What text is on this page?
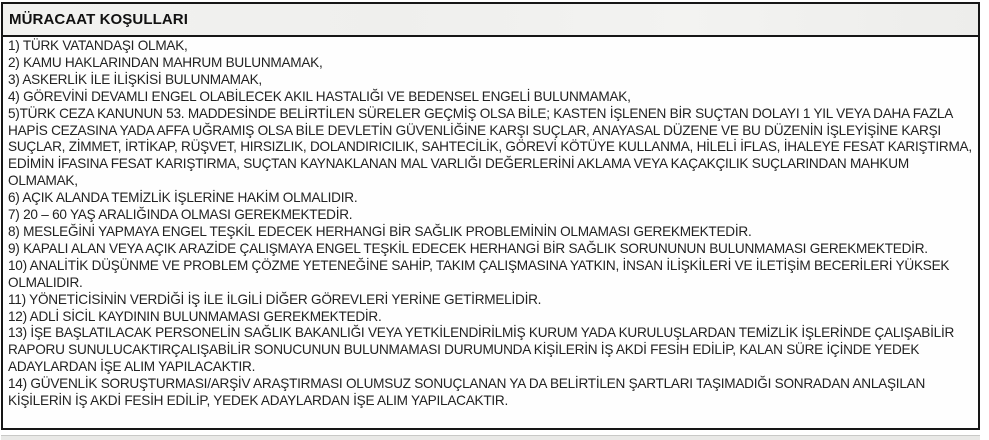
MÜRACAAT KOŞULLARI
1) TÜRK VATANDAŞI OLMAK,
2) KAMU HAKLARINDAN MAHRUM BULUNMAMAK,
3) ASKERLİK İLE İLİŞKİSİ BULUNMAMAK,
4) GÖREVİNİ DEVAMLI ENGEL OLABİLECEK AKIL HASTALIĞI VE BEDENSEL ENGELİ BULUNMAMAK,
5)TÜRK CEZA KANUNUN 53. MADDESİNDE BELİRTİLEN SÜRELER GEÇMİŞ OLSA BİLE; KASTEN İŞLENEN BİR SUÇTAN DOLAYI 1 YIL VEYA DAHA FAZLA HAPİS CEZASINA YADA AFFA UĞRAMIŞ OLSA BİLE DEVLETİN GÜVENLİĞİNE KARŞI SUÇLAR, ANAYASAL DÜZENE VE BU DÜZENİN İŞLEYİŞİNE KARŞI SUÇLAR, ZİMMET, İRTİKAP, RÜŞVET, HIRSIZLIK, DOLANDIRICILIK, SAHTECİLİK, GÖREVİ KÖTÜYE KULLANMA, HİLELİ İFLAS, İHALEYE FESAT KARIŞTIRMA, EDİMİN İFASINA FESAT KARIŞTIRMA, SUÇTAN KAYNAKLANAN MAL VARLIĞI DEĞERLERİNİ AKLAMA VEYA KAÇAKÇILIK SUÇLARINDAN MAHKUM OLMAMAK,
6) AÇIK ALANDA TEMİZLİK İŞLERİNE HAKİM OLMALIDIR.
7) 20 – 60 YAŞ ARALIĞINDA OLMASI GEREKMEKTEDİR.
8) MESLEĞİNİ YAPMAYA ENGEL TEŞKİL EDECEK HERHANGİ BİR SAĞLIK PROBLEMİNİN OLMAMASI GEREKMEKTEDİR.
9) KAPALI ALAN VEYA AÇIK ARAZİDE ÇALIŞMAYA ENGEL TEŞKİL EDECEK HERHANGİ BİR SAĞLIK SORUNUNUN BULUNMAMASI GEREKMEKTEDİR.
10) ANALİTİK DÜŞÜNME VE PROBLEM ÇÖZME YETENEĞİNE SAHİP, TAKIM ÇALIŞMASINA YATKIN, İNSAN İLİŞKİLERİ VE İLETİŞİM BECERİLERİ YÜKSEK OLMALIDIR.
11) YÖNETİCİSİNİN VERDİĞİ İŞ İLE İLGİLİ DİĞER GÖREVLERİ YERİNE GETİRMELİDİR.
12) ADLİ SİCİL KAYDININ BULUNMAMASI GEREKMEKTEDİR.
13) İŞE BAŞLATILACAK PERSONELİN SAĞLIK BAKANLIĞI VEYA YETKİLENDİRİLMİŞ KURUM YADA KURULUŞLARDAN TEMİZLİK İŞLERİNDE ÇALIŞABİLİR RAPORU SUNULUCAKTIRÇALIŞABİLİR SONUCUNUN BULUNMAMASI DURUMUNDA KİŞİLERİN İŞ AKDİ FESİH EDİLİP, KALAN SÜRE İÇİNDE YEDEK ADAYLARDAN İŞE ALIM YAPILACAKTIR.
14) GÜVENLİK SORUŞTURMASI/ARŞİV ARAŞTIRMASI OLUMSUZ SONUÇLANAN YA DA BELİRTİLEN ŞARTLARI TAŞIMADIĞI SONRADAN ANLAŞILAN KİŞİLERİN İŞ AKDİ FESİH EDİLİP, YEDEK ADAYLARDAN İŞE ALIM YAPILACAKTIR.
